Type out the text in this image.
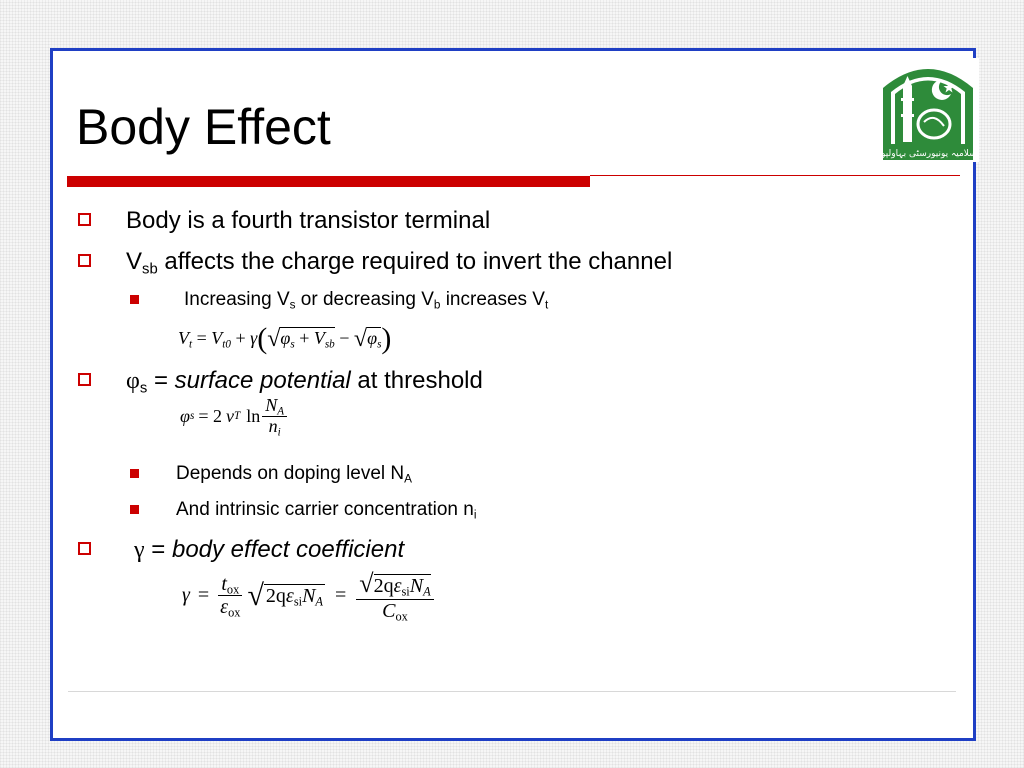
Body Effect	اسلامیہ یونیورسٹی بہاولپور
Body is a fourth transistor terminal
$V_{sb}$ affects the charge required to invert the channel
Increasing $V_s$ or decreasing $V_b$ increases $V_t$
$V_t = V_{t0} + \gamma(√\varphi_s + V_{sb} - √\varphi_s)$
$\varphi_s$ = surface potential at threshold
φ s = 2 v T $\ln \frac{N_A}{n_i}$
Depends on doping level $N_A$
And intrinsic carrier concentration $n_i$
γ = body effect coefficient
$\gamma = \frac{t_{ox}}{\varepsilon_{ox}}$ √ $2q\varepsilon_{si}N_A = \frac{√2q\varepsilon_{si}N_A}{C_{ox}}$
